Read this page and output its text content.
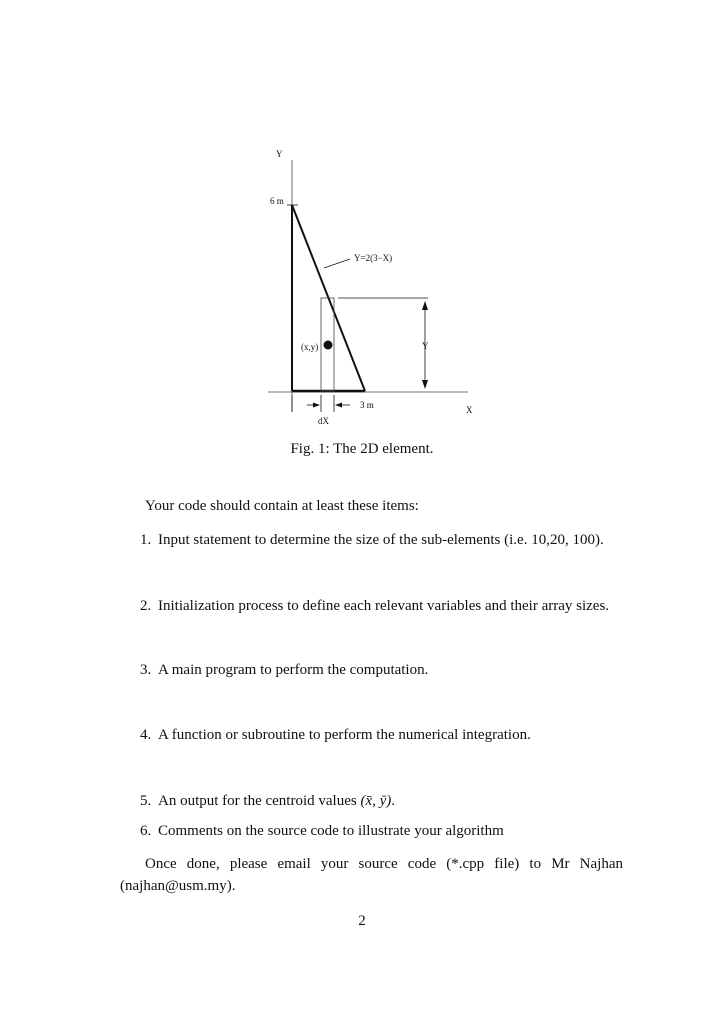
Y
X
6 m
Y=2(3−X)
(x,y)	Y
3 m
dX
Fig. 1: The 2D element.
Your code should contain at least these items:
1. Input statement to determine the size of the sub-elements (i.e. 10,20, 100).
2. Initialization process to define each relevant variables and their array sizes.
3. A main program to perform the computation.
4. A function or subroutine to perform the numerical integration.
5. An output for the centroid values (x̄, ȳ).
6. Comments on the source code to illustrate your algorithm
Once done, please email your source code (*.cpp file) to Mr Najhan (najhan@usm.my).
2
